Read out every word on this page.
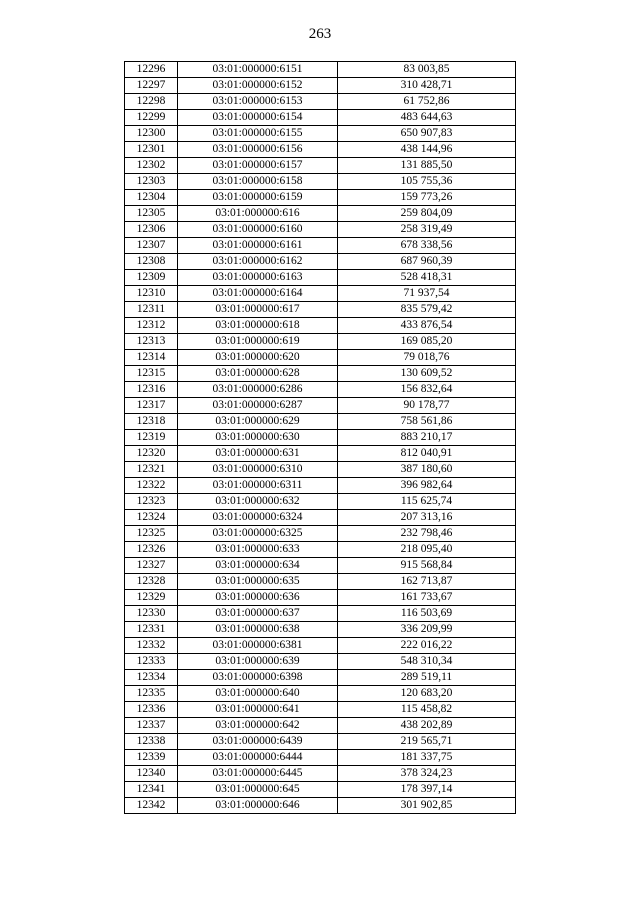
263
12296	03:01:000000:6151	83 003,85
12297	03:01:000000:6152	310 428,71
12298	03:01:000000:6153	61 752,86
12299	03:01:000000:6154	483 644,63
12300	03:01:000000:6155	650 907,83
12301	03:01:000000:6156	438 144,96
12302	03:01:000000:6157	131 885,50
12303	03:01:000000:6158	105 755,36
12304	03:01:000000:6159	159 773,26
12305	03:01:000000:616	259 804,09
12306	03:01:000000:6160	258 319,49
12307	03:01:000000:6161	678 338,56
12308	03:01:000000:6162	687 960,39
12309	03:01:000000:6163	528 418,31
12310	03:01:000000:6164	71 937,54
12311	03:01:000000:617	835 579,42
12312	03:01:000000:618	433 876,54
12313	03:01:000000:619	169 085,20
12314	03:01:000000:620	79 018,76
12315	03:01:000000:628	130 609,52
12316	03:01:000000:6286	156 832,64
12317	03:01:000000:6287	90 178,77
12318	03:01:000000:629	758 561,86
12319	03:01:000000:630	883 210,17
12320	03:01:000000:631	812 040,91
12321	03:01:000000:6310	387 180,60
12322	03:01:000000:6311	396 982,64
12323	03:01:000000:632	115 625,74
12324	03:01:000000:6324	207 313,16
12325	03:01:000000:6325	232 798,46
12326	03:01:000000:633	218 095,40
12327	03:01:000000:634	915 568,84
12328	03:01:000000:635	162 713,87
12329	03:01:000000:636	161 733,67
12330	03:01:000000:637	116 503,69
12331	03:01:000000:638	336 209,99
12332	03:01:000000:6381	222 016,22
12333	03:01:000000:639	548 310,34
12334	03:01:000000:6398	289 519,11
12335	03:01:000000:640	120 683,20
12336	03:01:000000:641	115 458,82
12337	03:01:000000:642	438 202,89
12338	03:01:000000:6439	219 565,71
12339	03:01:000000:6444	181 337,75
12340	03:01:000000:6445	378 324,23
12341	03:01:000000:645	178 397,14
12342	03:01:000000:646	301 902,85
